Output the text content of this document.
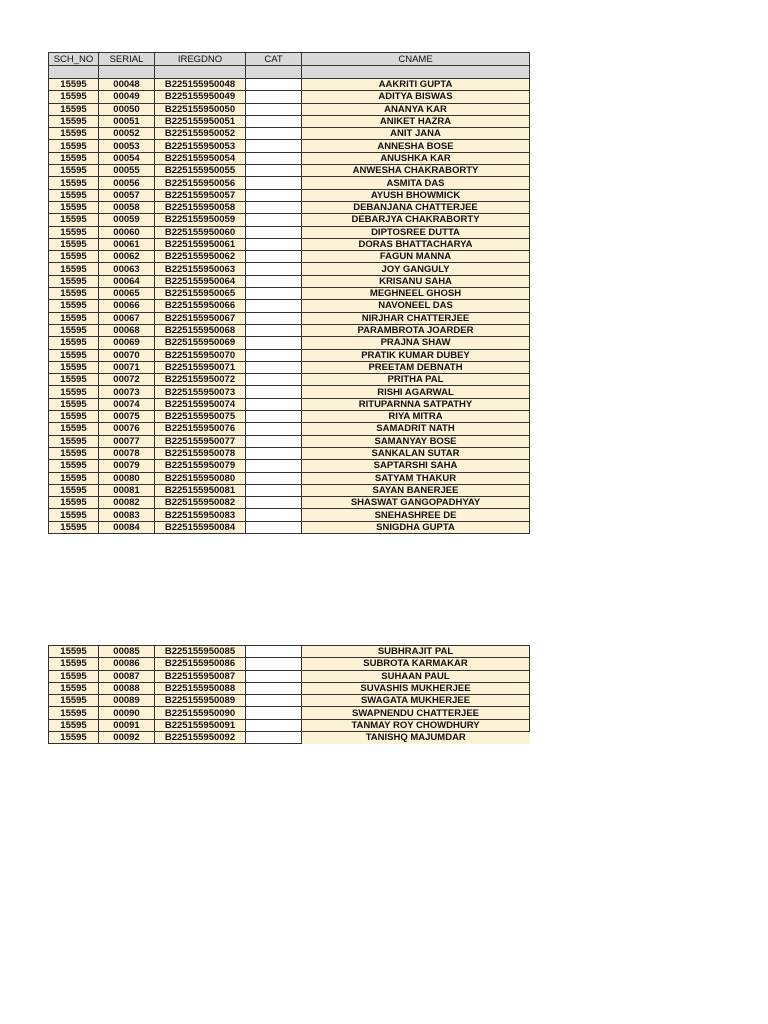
SCH_NO	SERIAL	IREGDNO	CAT	CNAME

15595	00048	B225155950048		AAKRITI GUPTA
15595	00049	B225155950049		ADITYA BISWAS
15595	00050	B225155950050		ANANYA KAR
15595	00051	B225155950051		ANIKET HAZRA
15595	00052	B225155950052		ANIT JANA
15595	00053	B225155950053		ANNESHA BOSE
15595	00054	B225155950054		ANUSHKA KAR
15595	00055	B225155950055		ANWESHA CHAKRABORTY
15595	00056	B225155950056		ASMITA DAS
15595	00057	B225155950057		AYUSH BHOWMICK
15595	00058	B225155950058		DEBANJANA CHATTERJEE
15595	00059	B225155950059		DEBARJYA CHAKRABORTY
15595	00060	B225155950060		DIPTOSREE DUTTA
15595	00061	B225155950061		DORAS BHATTACHARYA
15595	00062	B225155950062		FAGUN MANNA
15595	00063	B225155950063		JOY GANGULY
15595	00064	B225155950064		KRISANU SAHA
15595	00065	B225155950065		MEGHNEEL GHOSH
15595	00066	B225155950066		NAVONEEL DAS
15595	00067	B225155950067		NIRJHAR CHATTERJEE
15595	00068	B225155950068		PARAMBROTA JOARDER
15595	00069	B225155950069		PRAJNA SHAW
15595	00070	B225155950070		PRATIK KUMAR DUBEY
15595	00071	B225155950071		PREETAM DEBNATH
15595	00072	B225155950072		PRITHA PAL
15595	00073	B225155950073		RISHI AGARWAL
15595	00074	B225155950074		RITUPARNNA SATPATHY
15595	00075	B225155950075		RIYA MITRA
15595	00076	B225155950076		SAMADRIT NATH
15595	00077	B225155950077		SAMANYAY BOSE
15595	00078	B225155950078		SANKALAN SUTAR
15595	00079	B225155950079		SAPTARSHI SAHA
15595	00080	B225155950080		SATYAM THAKUR
15595	00081	B225155950081		SAYAN BANERJEE
15595	00082	B225155950082		SHASWAT GANGOPADHYAY
15595	00083	B225155950083		SNEHASHREE DE
15595	00084	B225155950084		SNIGDHA GUPTA
15595	00085	B225155950085		SUBHRAJIT PAL
15595	00086	B225155950086		SUBROTA KARMAKAR
15595	00087	B225155950087		SUHAAN PAUL
15595	00088	B225155950088		SUVASHIS MUKHERJEE
15595	00089	B225155950089		SWAGATA MUKHERJEE
15595	00090	B225155950090		SWAPNENDU CHATTERJEE
15595	00091	B225155950091		TANMAY ROY CHOWDHURY
15595	00092	B225155950092		TANISHQ MAJUMDAR
